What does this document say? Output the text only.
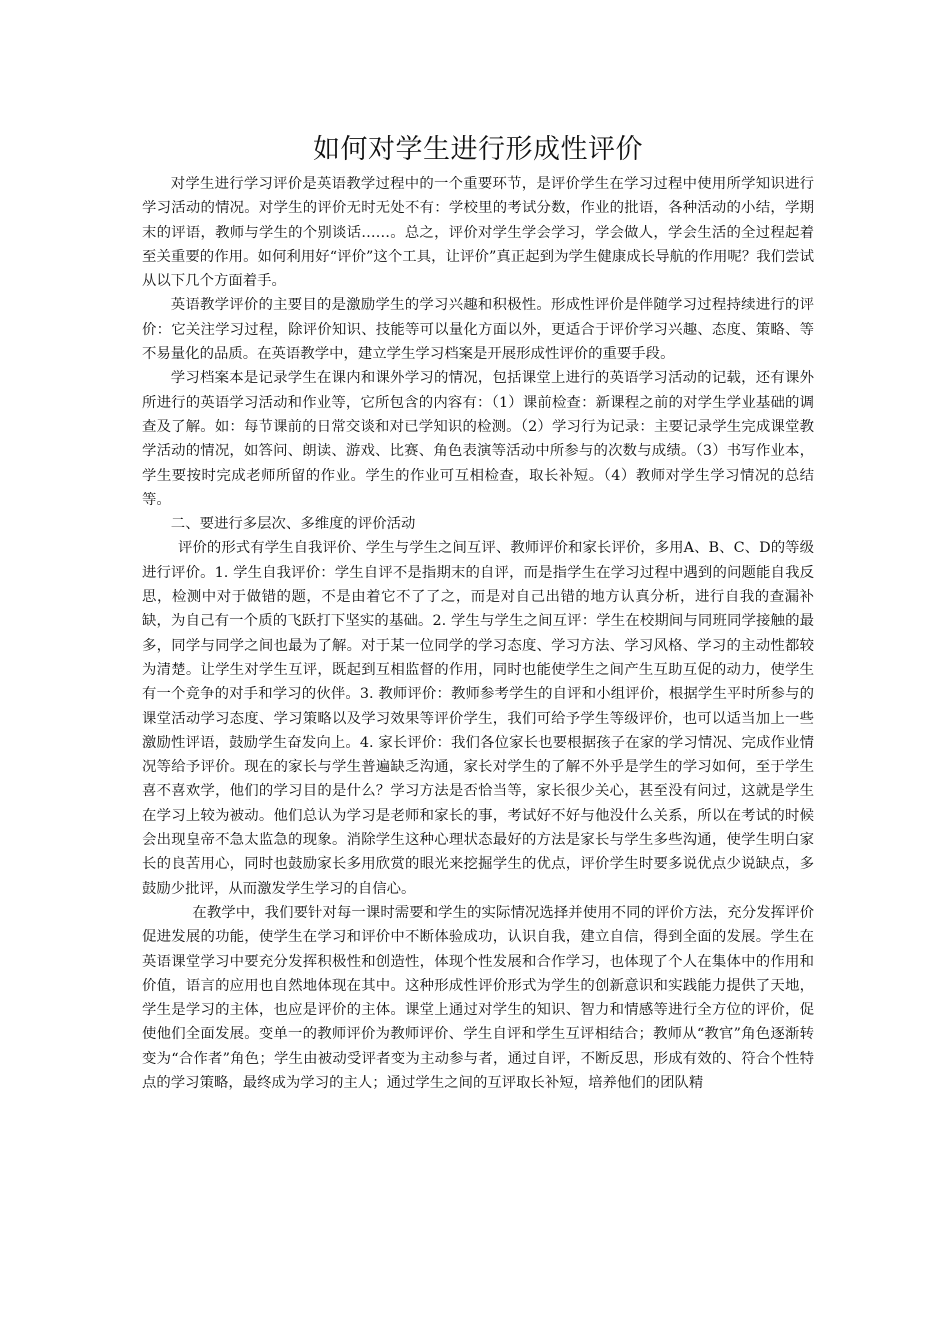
如何对学生进行形成性评价

对学生进行学习评价是英语教学过程中的一个重要环节，是评价学生在学习过程中使用所学知识进行学习活动的情况。对学生的评价无时无处不有：学校里的考试分数，作业的批语，各种活动的小结，学期末的评语，教师与学生的个别谈话……。总之，评价对学生学会学习，学会做人，学会生活的全过程起着至关重要的作用。如何利用好“评价”这个工具，让评价”真正起到为学生健康成长导航的作用呢？我们尝试从以下几个方面着手。

英语教学评价的主要目的是激励学生的学习兴趣和积极性。形成性评价是伴随学习过程持续进行的评价：它关注学习过程，除评价知识、技能等可以量化方面以外，更适合于评价学习兴趣、态度、策略、等不易量化的品质。在英语教学中，建立学生学习档案是开展形成性评价的重要手段。

学习档案本是记录学生在课内和课外学习的情况，包括课堂上进行的英语学习活动的记载，还有课外所进行的英语学习活动和作业等，它所包含的内容有：（1）课前检查：新课程之前的对学生学业基础的调查及了解。如：每节课前的日常交谈和对已学知识的检测。（2）学习行为记录：主要记录学生完成课堂教学活动的情况，如答问、朗读、游戏、比赛、角色表演等活动中所参与的次数与成绩。（3）书写作业本，学生要按时完成老师所留的作业。学生的作业可互相检查，取长补短。（4）教师对学生学习情况的总结等。

二、要进行多层次、多维度的评价活动

评价的形式有学生自我评价、学生与学生之间互评、教师评价和家长评价，多用A、B、C、D的等级进行评价。1. 学生自我评价：学生自评不是指期末的自评，而是指学生在学习过程中遇到的问题能自我反思，检测中对于做错的题，不是由着它不了了之，而是对自己出错的地方认真分析，进行自我的查漏补缺，为自己有一个质的飞跃打下坚实的基础。2. 学生与学生之间互评：学生在校期间与同班同学接触的最多，同学与同学之间也最为了解。对于某一位同学的学习态度、学习方法、学习风格、学习的主动性都较为清楚。让学生对学生互评，既起到互相监督的作用，同时也能使学生之间产生互助互促的动力，使学生有一个竞争的对手和学习的伙伴。3. 教师评价：教师参考学生的自评和小组评价，根据学生平时所参与的课堂活动学习态度、学习策略以及学习效果等评价学生，我们可给予学生等级评价，也可以适当加上一些激励性评语，鼓励学生奋发向上。4. 家长评价：我们各位家长也要根据孩子在家的学习情况、完成作业情况等给予评价。现在的家长与学生普遍缺乏沟通，家长对学生的了解不外乎是学生的学习如何，至于学生喜不喜欢学，他们的学习目的是什么？学习方法是否恰当等，家长很少关心，甚至没有问过，这就是学生在学习上较为被动。他们总认为学习是老师和家长的事，考试好不好与他没什么关系，所以在考试的时候会出现皇帝不急太监急的现象。消除学生这种心理状态最好的方法是家长与学生多些沟通，使学生明白家长的良苦用心，同时也鼓励家长多用欣赏的眼光来挖掘学生的优点，评价学生时要多说优点少说缺点，多鼓励少批评，从而激发学生学习的自信心。

在教学中，我们要针对每一课时需要和学生的实际情况选择并使用不同的评价方法，充分发挥评价促进发展的功能，使学生在学习和评价中不断体验成功，认识自我，建立自信，得到全面的发展。学生在英语课堂学习中要充分发挥积极性和创造性，体现个性发展和合作学习，也体现了个人在集体中的作用和价值，语言的应用也自然地体现在其中。这种形成性评价形式为学生的创新意识和实践能力提供了天地，学生是学习的主体，也应是评价的主体。课堂上通过对学生的知识、智力和情感等进行全方位的评价，促使他们全面发展。变单一的教师评价为教师评价、学生自评和学生互评相结合；教师从“教官”角色逐渐转变为“合作者”角色；学生由被动受评者变为主动参与者，通过自评，不断反思，形成有效的、符合个性特点的学习策略，最终成为学习的主人；通过学生之间的互评取长补短，培养他们的团队精
